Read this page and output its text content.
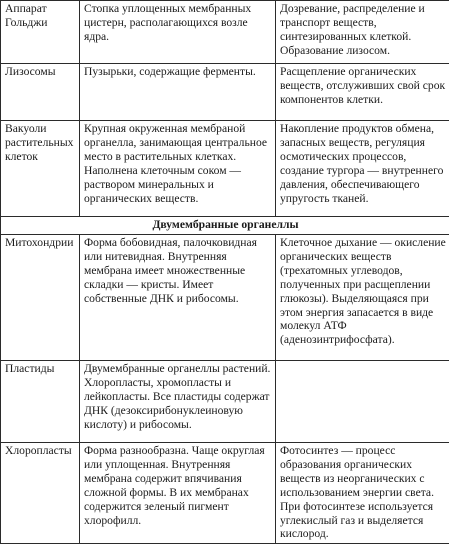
Аппарат Гольджи	Стопка уплощенных мембранных цистерн, располагающихся возле ядра.	Дозревание, распределение и транспорт веществ, синтезированных клеткой. Образование лизосом.

Лизосомы	Пузырьки, содержащие ферменты.	Расщепление органических веществ, отслуживших свой срок компонентов клетки.

Вакуоли растительных клеток	Крупная окруженная мембраной органелла, занимающая центральное место в растительных клетках. Наполнена клеточным соком — раствором минеральных и органических веществ.	Накопление продуктов обмена, запасных веществ, регуляция осмотических процессов, создание тургора — внутреннего давления, обеспечивающего упругость тканей.

Двумембранные органеллы		

Митохондрии	Форма бобовидная, палочковидная или нитевидная. Внутренняя мембрана имеет множественные складки — кристы. Имеет собственные ДНК и рибосомы.	Клеточное дыхание — окисление органических веществ (трехатомных углеводов, полученных при расщеплении глюкозы). Выделяющаяся при этом энергия запасается в виде молекул АТФ (аденозинтрифосфата).

Пластиды	Двумембранные органеллы растений. Хлоропласты, хромопласты и лейкопласты. Все пластиды содержат ДНК (дезоксирибонуклеиновую кислоту) и рибосомы.	

Хлоропласты	Форма разнообразна. Чаще округлая или уплощенная. Внутренняя мембрана содержит впячивания сложной формы. В их мембранах содержится зеленый пигмент хлорофилл.	Фотосинтез — процесс образования органических веществ из неорганических с использованием энергии света. При фотосинтезе используется углекислый газ и выделяется кислород.
